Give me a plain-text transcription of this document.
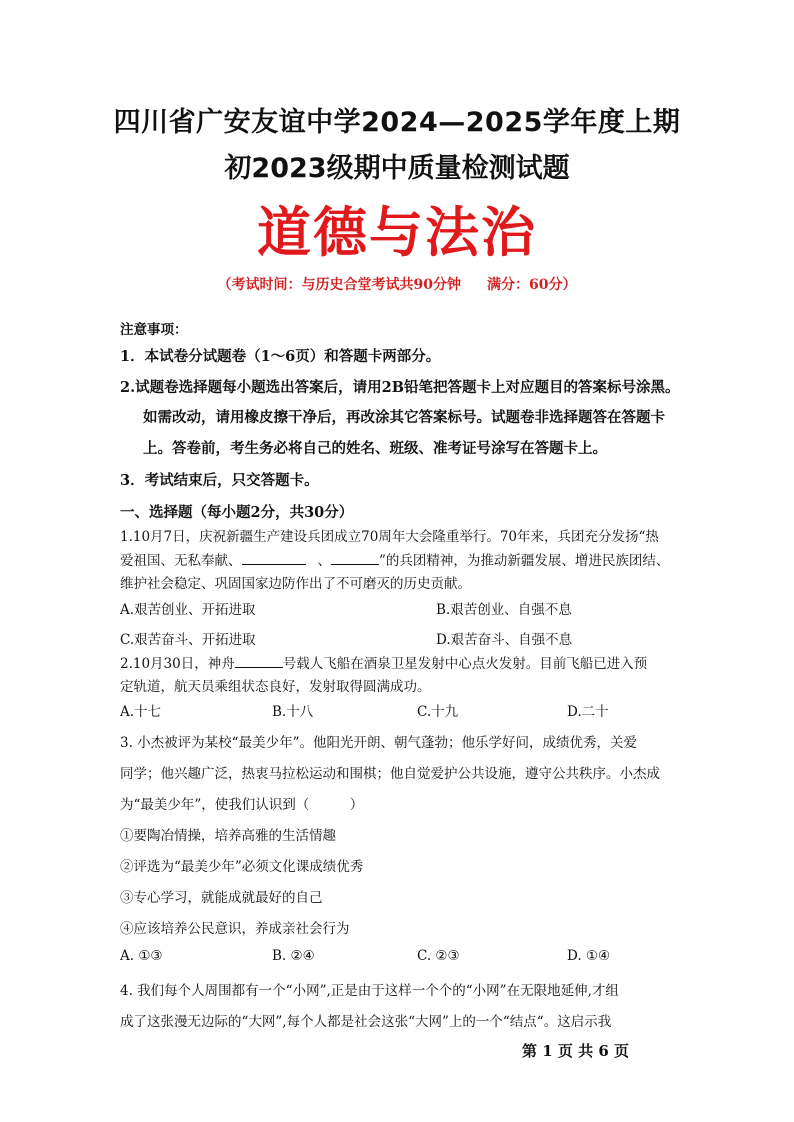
四川省广安友谊中学2024—2025学年度上期
初2023级期中质量检测试题
道德与法治
（考试时间：与历史合堂考试共90分钟 满分：60分）
注意事项：
1．本试卷分试题卷（1～6页）和答题卡两部分。
2.试题卷选择题每小题选出答案后，请用2B铅笔把答题卡上对应题目的答案标号涂黑。
如需改动，请用橡皮擦干净后，再改涂其它答案标号。试题卷非选择题答在答题卡
上。答卷前，考生务必将自己的姓名、班级、准考证号涂写在答题卡上。
3．考试结束后，只交答题卡。
一、选择题（每小题2分，共30分）
1.10月7日，庆祝新疆生产建设兵团成立70周年大会隆重举行。70年来，兵团充分发扬“热
爱祖国、无私奉献、	、	”的兵团精神，为推动新疆发展、增进民族团结、
维护社会稳定、巩固国家边防作出了不可磨灭的历史贡献。
A.艰苦创业、开拓进取	B.艰苦创业、自强不息
C.艰苦奋斗、开拓进取	D.艰苦奋斗、自强不息
2.10月30日，神舟	号载人飞船在酒泉卫星发射中心点火发射。目前飞船已进入预
定轨道，航天员乘组状态良好，发射取得圆满成功。
A.十七	B.十八	C.十九	D.二十
3. 小杰被评为某校“最美少年”。他阳光开朗、朝气蓬勃；他乐学好问，成绩优秀，关爱
同学；他兴趣广泛，热衷马拉松运动和围棋；他自觉爱护公共设施，遵守公共秩序。小杰成
为“最美少年”，使我们认识到（　　　）
①要陶冶情操，培养高雅的生活情趣
②评选为“最美少年”必须文化课成绩优秀
③专心学习，就能成就最好的自己
④应该培养公民意识，养成亲社会行为
A. ①③	B. ②④	C. ②③	D. ①④
4. 我们每个人周围都有一个“小网”,正是由于这样一个个的“小网”在无限地延伸,才组
成了这张漫无边际的“大网”,每个人都是社会这张“大网”上的一个“结点“。这启示我
第 1 页 共 6 页
